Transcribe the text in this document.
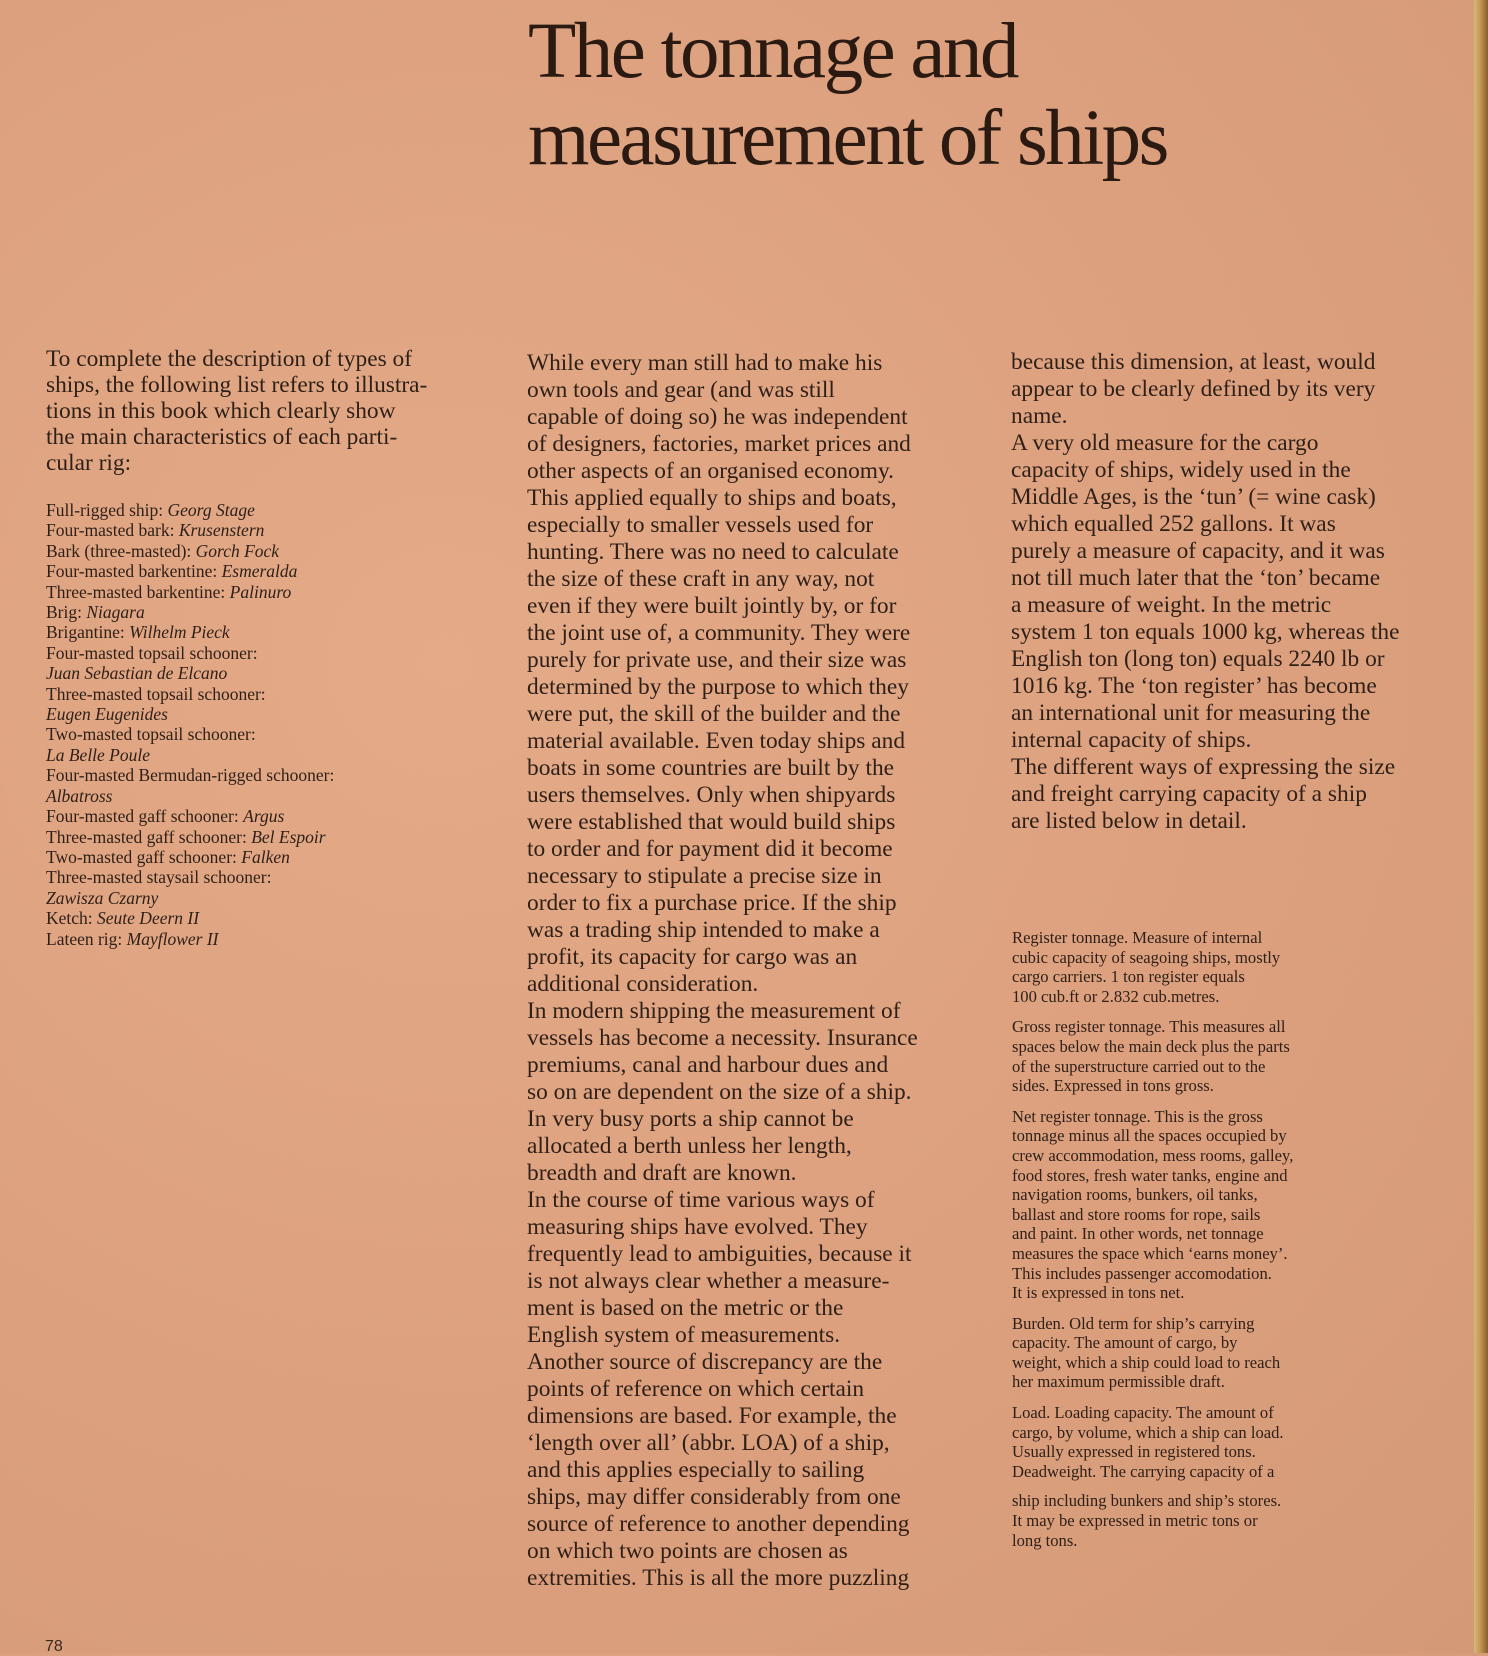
The tonnage and
measurement of ships

To complete the description of types of
ships, the following list refers to illustra-
tions in this book which clearly show
the main characteristics of each parti-
cular rig:

Full-rigged ship: Georg Stage
Four-masted bark: Krusenstern
Bark (three-masted): Gorch Fock
Four-masted barkentine: Esmeralda
Three-masted barkentine: Palinuro
Brig: Niagara
Brigantine: Wilhelm Pieck
Four-masted topsail schooner:
Juan Sebastian de Elcano
Three-masted topsail schooner:
Eugen Eugenides
Two-masted topsail schooner:
La Belle Poule
Four-masted Bermudan-rigged schooner:
Albatross
Four-masted gaff schooner: Argus
Three-masted gaff schooner: Bel Espoir
Two-masted gaff schooner: Falken
Three-masted staysail schooner:
Zawisza Czarny
Ketch: Seute Deern II
Lateen rig: Mayflower II

While every man still had to make his
own tools and gear (and was still
capable of doing so) he was independent
of designers, factories, market prices and
other aspects of an organised economy.
This applied equally to ships and boats,
especially to smaller vessels used for
hunting. There was no need to calculate
the size of these craft in any way, not
even if they were built jointly by, or for
the joint use of, a community. They were
purely for private use, and their size was
determined by the purpose to which they
were put, the skill of the builder and the
material available. Even today ships and
boats in some countries are built by the
users themselves. Only when shipyards
were established that would build ships
to order and for payment did it become
necessary to stipulate a precise size in
order to fix a purchase price. If the ship
was a trading ship intended to make a
profit, its capacity for cargo was an
additional consideration.
In modern shipping the measurement of
vessels has become a necessity. Insurance
premiums, canal and harbour dues and
so on are dependent on the size of a ship.
In very busy ports a ship cannot be
allocated a berth unless her length,
breadth and draft are known.
In the course of time various ways of
measuring ships have evolved. They
frequently lead to ambiguities, because it
is not always clear whether a measure-
ment is based on the metric or the
English system of measurements.
Another source of discrepancy are the
points of reference on which certain
dimensions are based. For example, the
‘length over all’ (abbr. LOA) of a ship,
and this applies especially to sailing
ships, may differ considerably from one
source of reference to another depending
on which two points are chosen as
extremities. This is all the more puzzling

because this dimension, at least, would
appear to be clearly defined by its very
name.
A very old measure for the cargo
capacity of ships, widely used in the
Middle Ages, is the ‘tun’ (= wine cask)
which equalled 252 gallons. It was
purely a measure of capacity, and it was
not till much later that the ‘ton’ became
a measure of weight. In the metric
system 1 ton equals 1000 kg, whereas the
English ton (long ton) equals 2240 lb or
1016 kg. The ‘ton register’ has become
an international unit for measuring the
internal capacity of ships.
The different ways of expressing the size
and freight carrying capacity of a ship
are listed below in detail.

Register tonnage. Measure of internal
cubic capacity of seagoing ships, mostly
cargo carriers. 1 ton register equals
100 cub.ft or 2.832 cub.metres.

Gross register tonnage. This measures all
spaces below the main deck plus the parts
of the superstructure carried out to the
sides. Expressed in tons gross.

Net register tonnage. This is the gross
tonnage minus all the spaces occupied by
crew accommodation, mess rooms, galley,
food stores, fresh water tanks, engine and
navigation rooms, bunkers, oil tanks,
ballast and store rooms for rope, sails
and paint. In other words, net tonnage
measures the space which ‘earns money’.
This includes passenger accomodation.
It is expressed in tons net.

Burden. Old term for ship’s carrying
capacity. The amount of cargo, by
weight, which a ship could load to reach
her maximum permissible draft.

Load. Loading capacity. The amount of
cargo, by volume, which a ship can load.
Usually expressed in registered tons.
Deadweight. The carrying capacity of a

ship including bunkers and ship’s stores.
It may be expressed in metric tons or
long tons.

78
